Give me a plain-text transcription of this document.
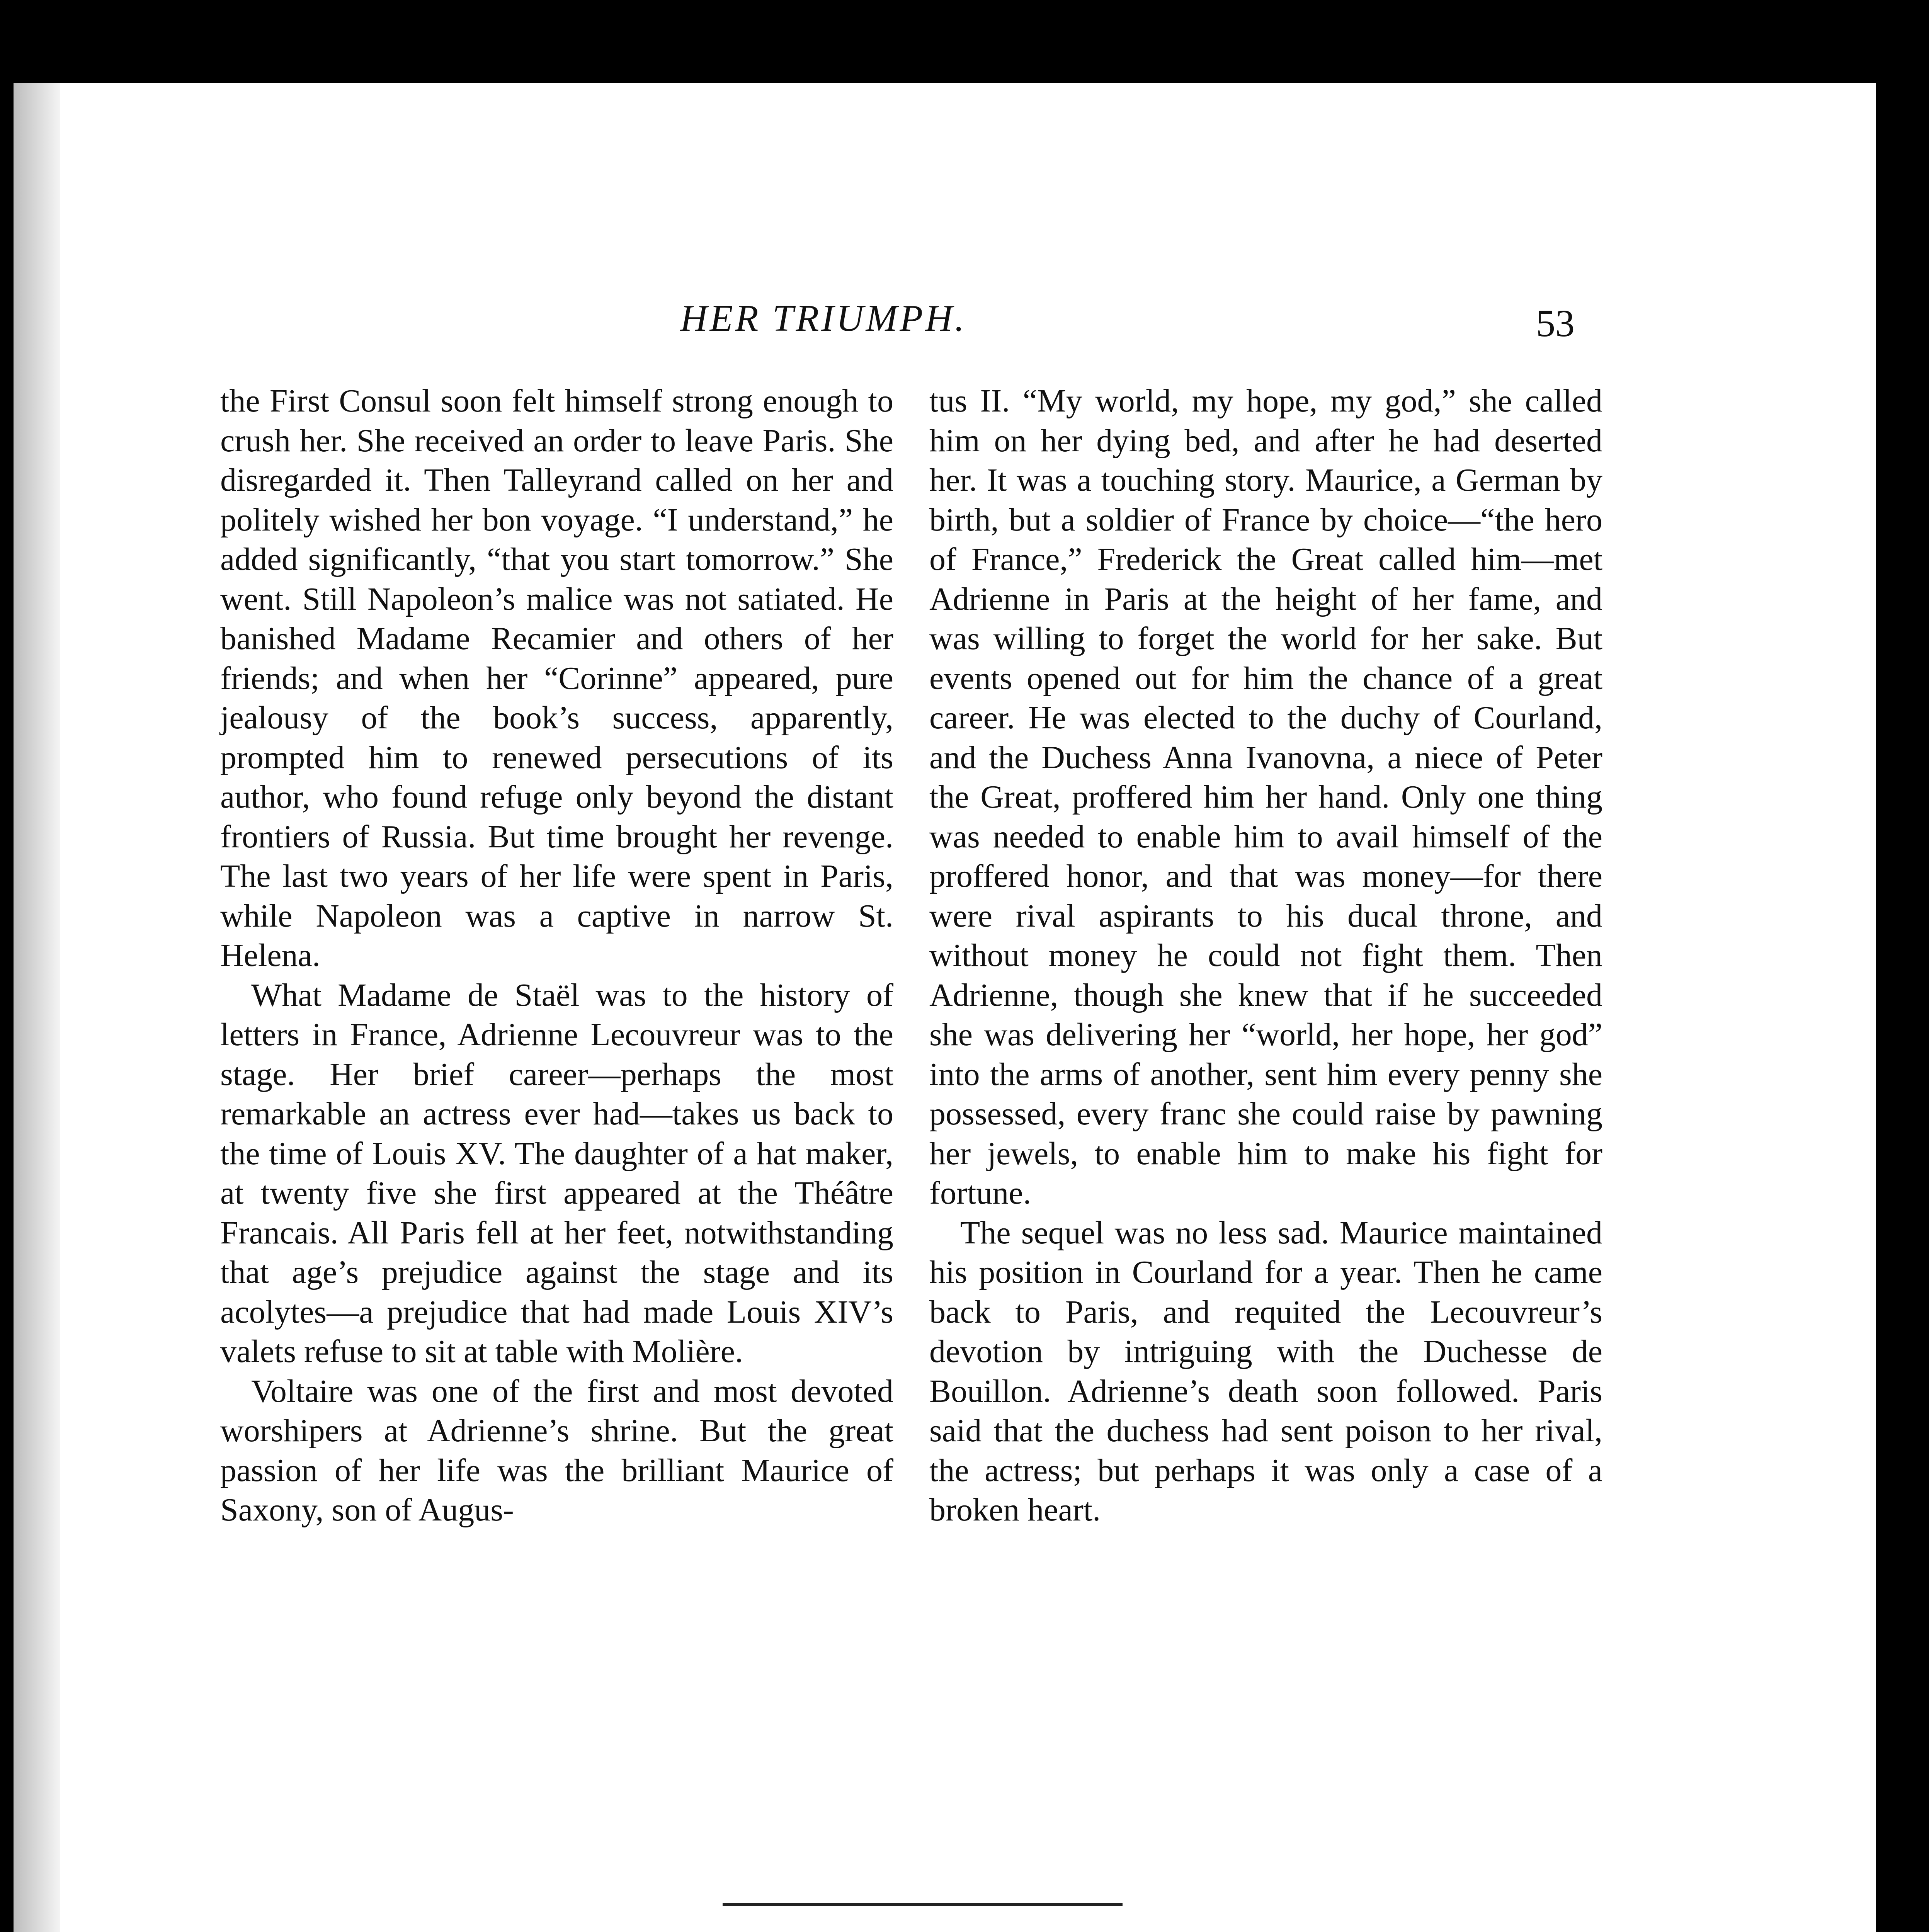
HER TRIUMPH.	53

the First Consul soon felt himself strong enough to crush her. She received an order to leave Paris. She disregarded it. Then Talleyrand called on her and politely wished her bon voyage. “I understand,” he added significantly, “that you start tomorrow.” She went. Still Napoleon’s malice was not satiated. He banished Madame Recamier and others of her friends; and when her “Corinne” appeared, pure jealousy of the book’s success, apparently, prompted him to renewed persecutions of its author, who found refuge only beyond the distant frontiers of Russia. But time brought her revenge. The last two years of her life were spent in Paris, while Napoleon was a captive in narrow St. Helena.

What Madame de Staël was to the history of letters in France, Adrienne Lecouvreur was to the stage. Her brief career—perhaps the most remarkable an actress ever had—takes us back to the time of Louis XV. The daughter of a hat maker, at twenty five she first appeared at the Théâtre Francais. All Paris fell at her feet, notwithstanding that age’s prejudice against the stage and its acolytes—a prejudice that had made Louis XIV’s valets refuse to sit at table with Molière.

Voltaire was one of the first and most devoted worshipers at Adrienne’s shrine. But the great passion of her life was the brilliant Maurice of Saxony, son of Augus-

tus II. “My world, my hope, my god,” she called him on her dying bed, and after he had deserted her. It was a touching story. Maurice, a German by birth, but a soldier of France by choice—“the hero of France,” Frederick the Great called him—met Adrienne in Paris at the height of her fame, and was willing to forget the world for her sake. But events opened out for him the chance of a great career. He was elected to the duchy of Courland, and the Duchess Anna Ivanovna, a niece of Peter the Great, proffered him her hand. Only one thing was needed to enable him to avail himself of the proffered honor, and that was money—for there were rival aspirants to his ducal throne, and without money he could not fight them. Then Adrienne, though she knew that if he succeeded she was delivering her “world, her hope, her god” into the arms of another, sent him every penny she possessed, every franc she could raise by pawning her jewels, to enable him to make his fight for fortune.

The sequel was no less sad. Maurice maintained his position in Courland for a year. Then he came back to Paris, and requited the Lecouvreur’s devotion by intriguing with the Duchesse de Bouillon. Adrienne’s death soon followed. Paris said that the duchess had sent poison to her rival, the actress; but perhaps it was only a case of a broken heart.
